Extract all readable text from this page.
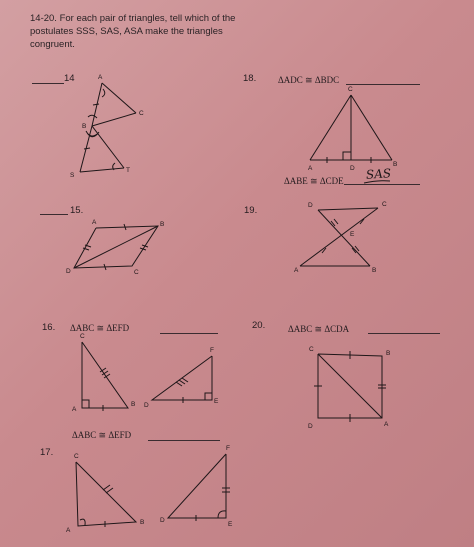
14-20. For each pair of triangles, tell which of the postulates SSS, SAS, ASA make the triangles congruent.
14
15.
16. ΔABC ≅ ΔEFD
ΔABC ≅ ΔEFD
17.
18. ΔADC ≅ ΔBDC
ΔABE ≅ ΔCDE SAS
19.
20.	ΔABC ≅ ΔCDA
A
C
B
S
T
A	B
D	C
C
A
B
F
D
E
C
A
B
F
D
E
C
A	D
B
D	C
E
A	B
C
B
D	A
